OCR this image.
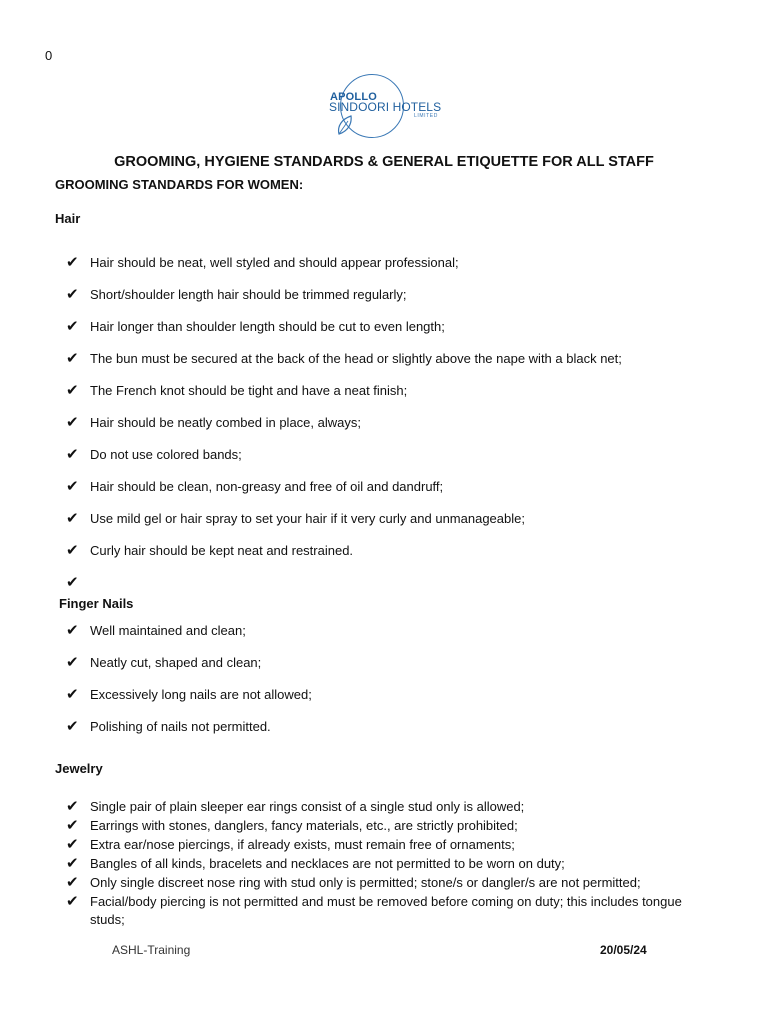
0
APOLLO
SINDOORI HOTELS
LIMITED
GROOMING, HYGIENE STANDARDS & GENERAL ETIQUETTE FOR ALL STAFF
GROOMING STANDARDS FOR WOMEN:
Hair
✔ Hair should be neat, well styled and should appear professional;
✔ Short/shoulder length hair should be trimmed regularly;
✔ Hair longer than shoulder length should be cut to even length;
✔ The bun must be secured at the back of the head or slightly above the nape with a black net;
✔ The French knot should be tight and have a neat finish;
✔ Hair should be neatly combed in place, always;
✔ Do not use colored bands;
✔ Hair should be clean, non-greasy and free of oil and dandruff;
✔ Use mild gel or hair spray to set your hair if it very curly and unmanageable;
✔ Curly hair should be kept neat and restrained.
✔
Finger Nails
✔ Well maintained and clean;
✔ Neatly cut, shaped and clean;
✔ Excessively long nails are not allowed;
✔ Polishing of nails not permitted.
Jewelry
✔ Single pair of plain sleeper ear rings consist of a single stud only is allowed;
✔ Earrings with stones, danglers, fancy materials, etc., are strictly prohibited;
✔ Extra ear/nose piercings, if already exists, must remain free of ornaments;
✔ Bangles of all kinds, bracelets and necklaces are not permitted to be worn on duty;
✔ Only single discreet nose ring with stud only is permitted; stone/s or dangler/s are not permitted;
✔ Facial/body piercing is not permitted and must be removed before coming on duty; this includes tongue studs;
ASHL-Training	20/05/24
